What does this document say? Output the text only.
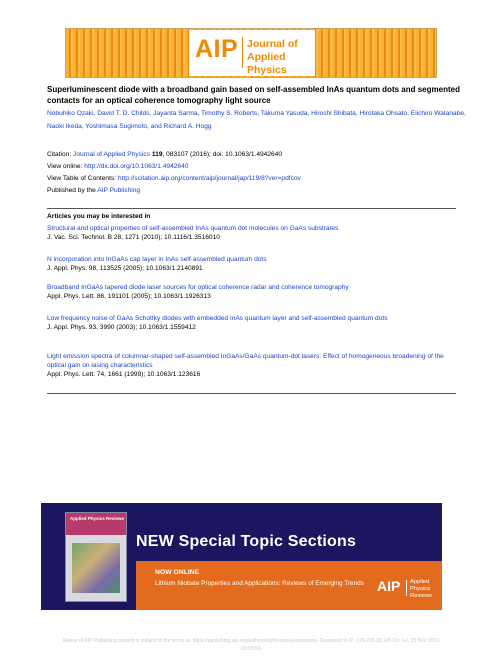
AIP Journal of Applied Physics
Superluminescent diode with a broadband gain based on self-assembled InAs quantum dots and segmented contacts for an optical coherence tomography light source
Nobuhiko Ozaki, David T. D. Childs, Jayanta Sarma, Timothy S. Roberts, Takuma Yasuda, Hiroshi Shibata, Hirotaka Ohsato, Eiichiro Watanabe, Naoki Ikeda, Yoshimasa Sugimoto, and Richard A. Hogg
Citation: Journal of Applied Physics 119, 083107 (2016); doi: 10.1063/1.4942640
View online: http://dx.doi.org/10.1063/1.4942640
View Table of Contents: http://scitation.aip.org/content/aip/journal/jap/119/8?ver=pdfcov
Published by the AIP Publishing
Articles you may be interested in
Structural and optical properties of self-assembled InAs quantum dot molecules on GaAs substrates
J. Vac. Sci. Technol. B 28, 1271 (2010); 10.1116/1.3516010
N incorporation into InGaAs cap layer in InAs self-assembled quantum dots
J. Appl. Phys. 98, 113525 (2005); 10.1063/1.2140891
Broadband InGaAs tapered diode laser sources for optical coherence radar and coherence tomography
Appl. Phys. Lett. 86, 191101 (2005); 10.1063/1.1926313
Low frequency noise of GaAs Schottky diodes with embedded InAs quantum layer and self-assembled quantum dots
J. Appl. Phys. 93, 3990 (2003); 10.1063/1.1559412
Light emission spectra of columnar-shaped self-assembled InGaAs/GaAs quantum-dot lasers: Effect of homogeneous broadening of the optical gain on lasing characteristics
Appl. Phys. Lett. 74, 1661 (1999); 10.1063/1.123616
Applied Physics Reviews
NEW Special Topic Sections
NOW ONLINE
Lithium Niobate Properties and Applications: Reviews of Emerging Trends AIP Applied Physics Reviews
Reuse of AIP Publishing content is subject to the terms at: https://publishing.aip.org/authors/rights-and-permissions. Download to IP: 129.226.35.145 On: Fri, 25 Nov 2016
09:03:56
